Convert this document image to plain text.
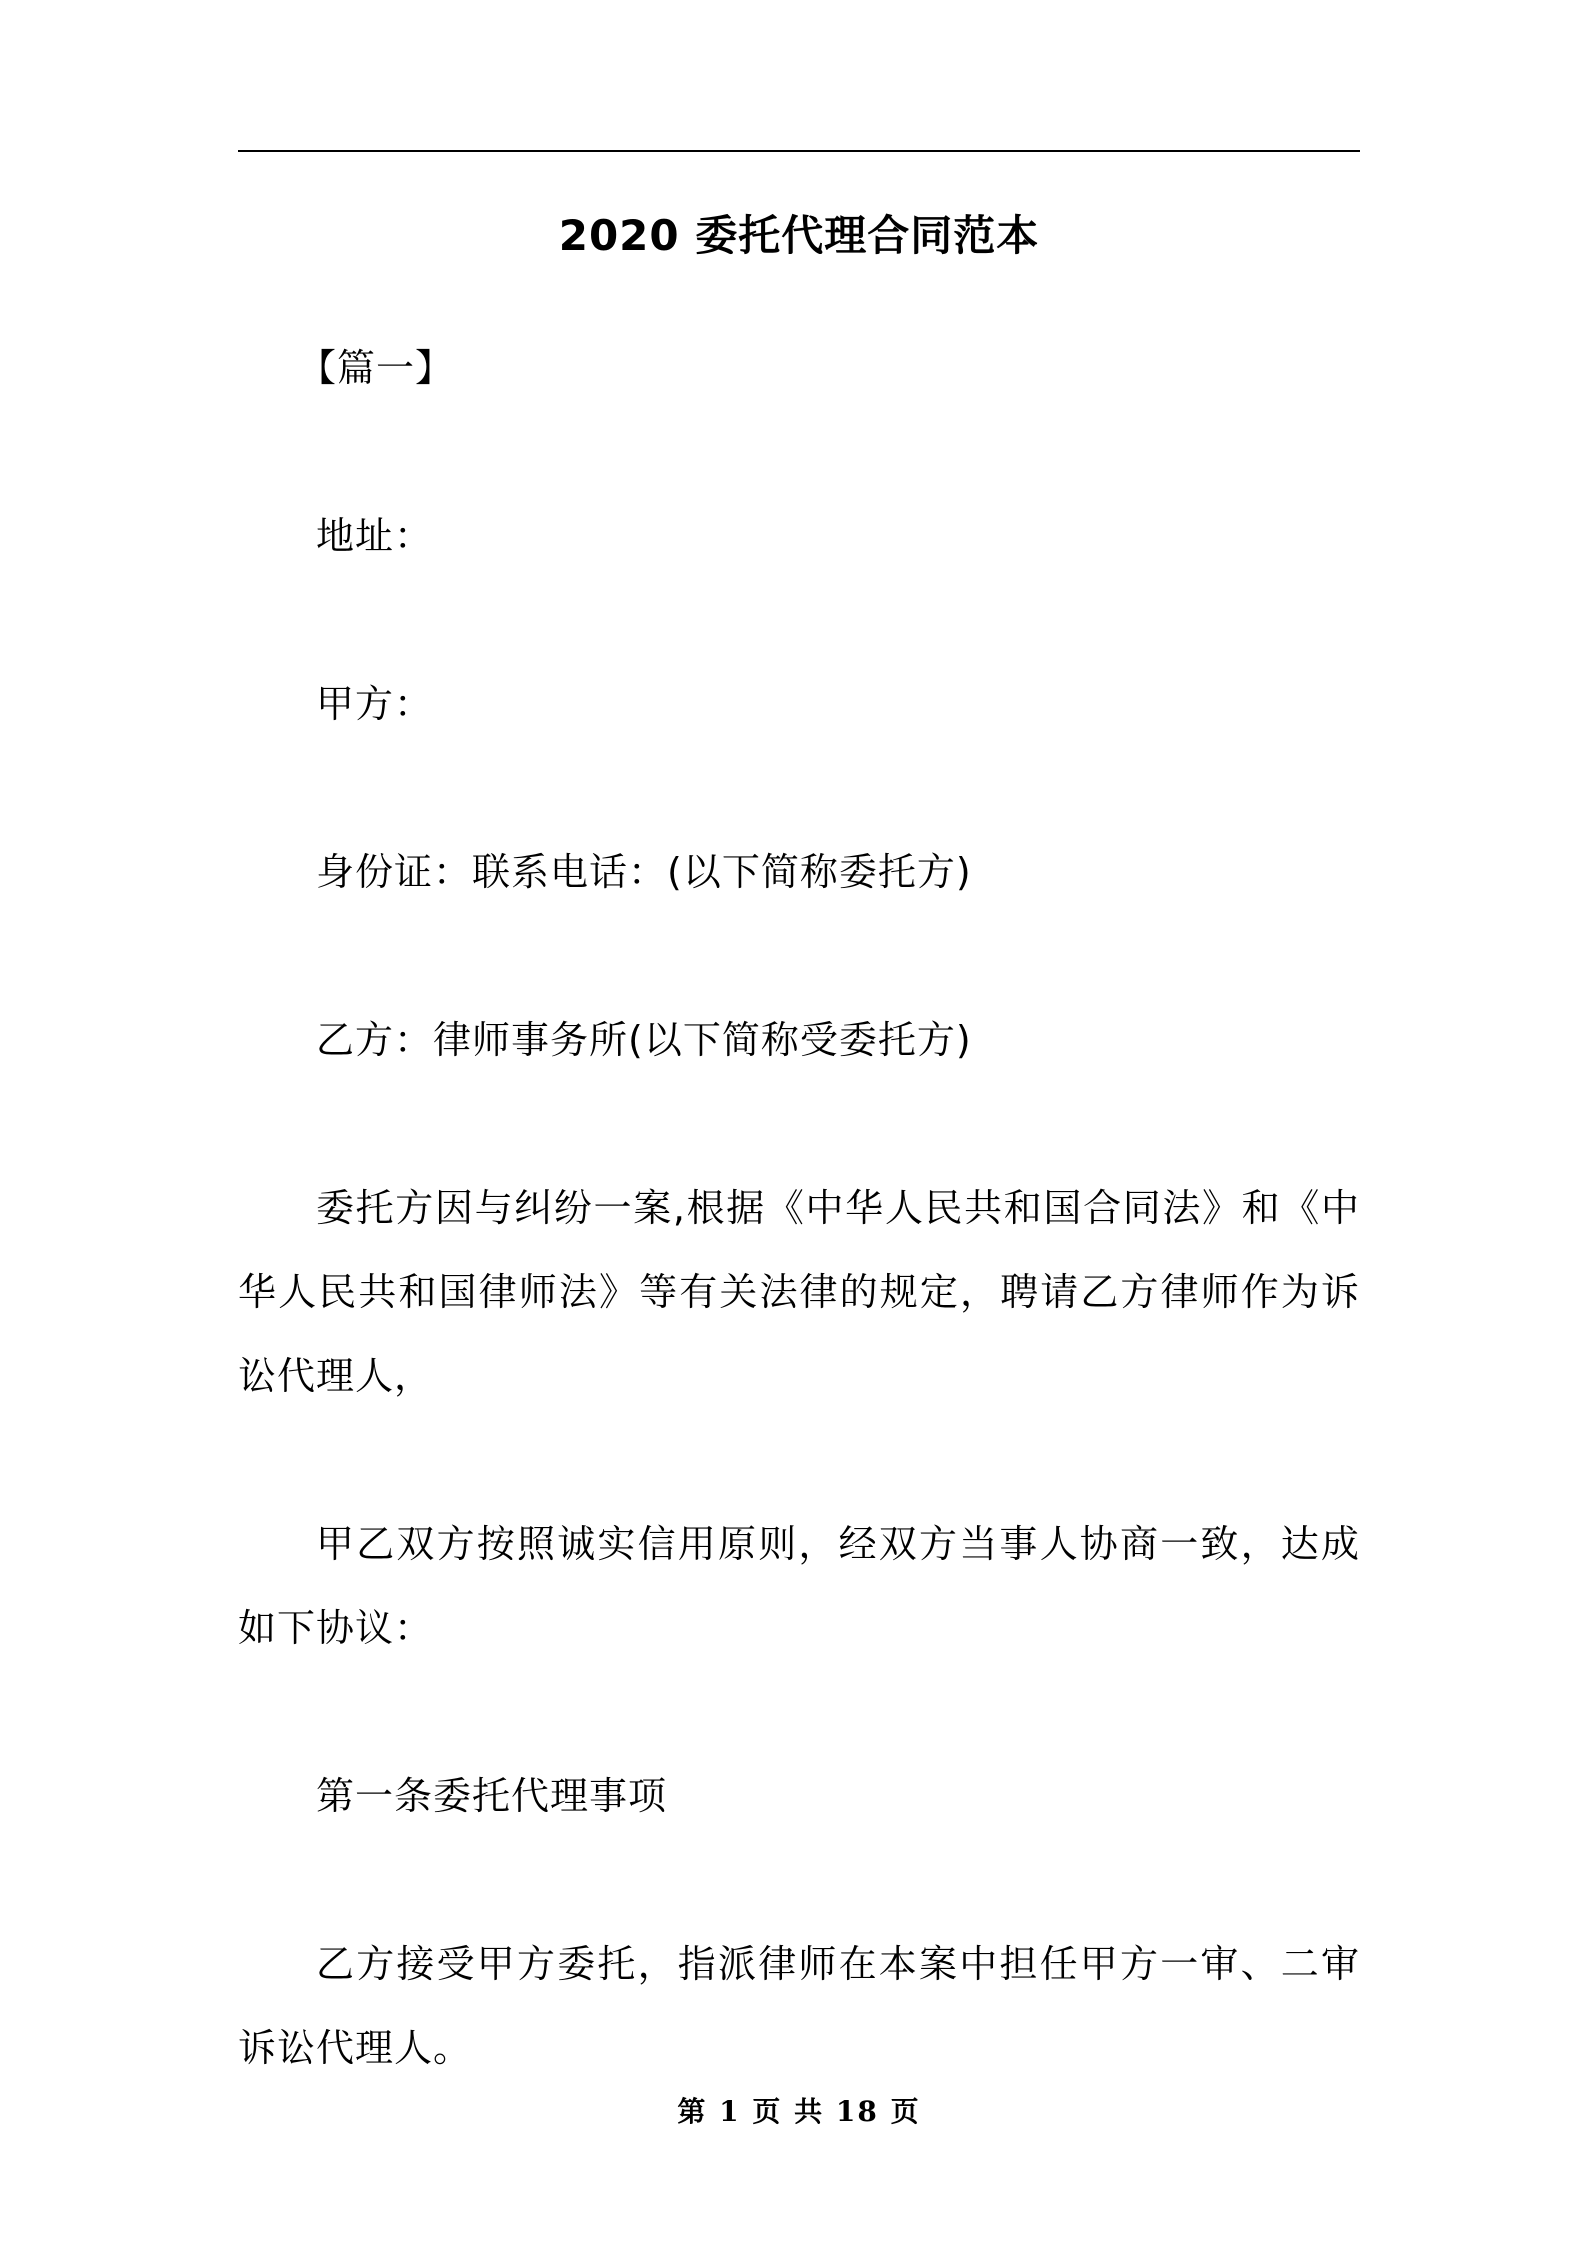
2020 委托代理合同范本

【篇一】

地址：

甲方：

身份证：联系电话：(以下简称委托方)

乙方：律师事务所(以下简称受委托方)

委托方因与纠纷一案,根据《中华人民共和国合同法》和《中华人民共和国律师法》等有关法律的规定，聘请乙方律师作为诉讼代理人，

甲乙双方按照诚实信用原则，经双方当事人协商一致，达成如下协议：

第一条委托代理事项

乙方接受甲方委托，指派律师在本案中担任甲方一审、二审诉讼代理人。

第 1 页 共 18 页
